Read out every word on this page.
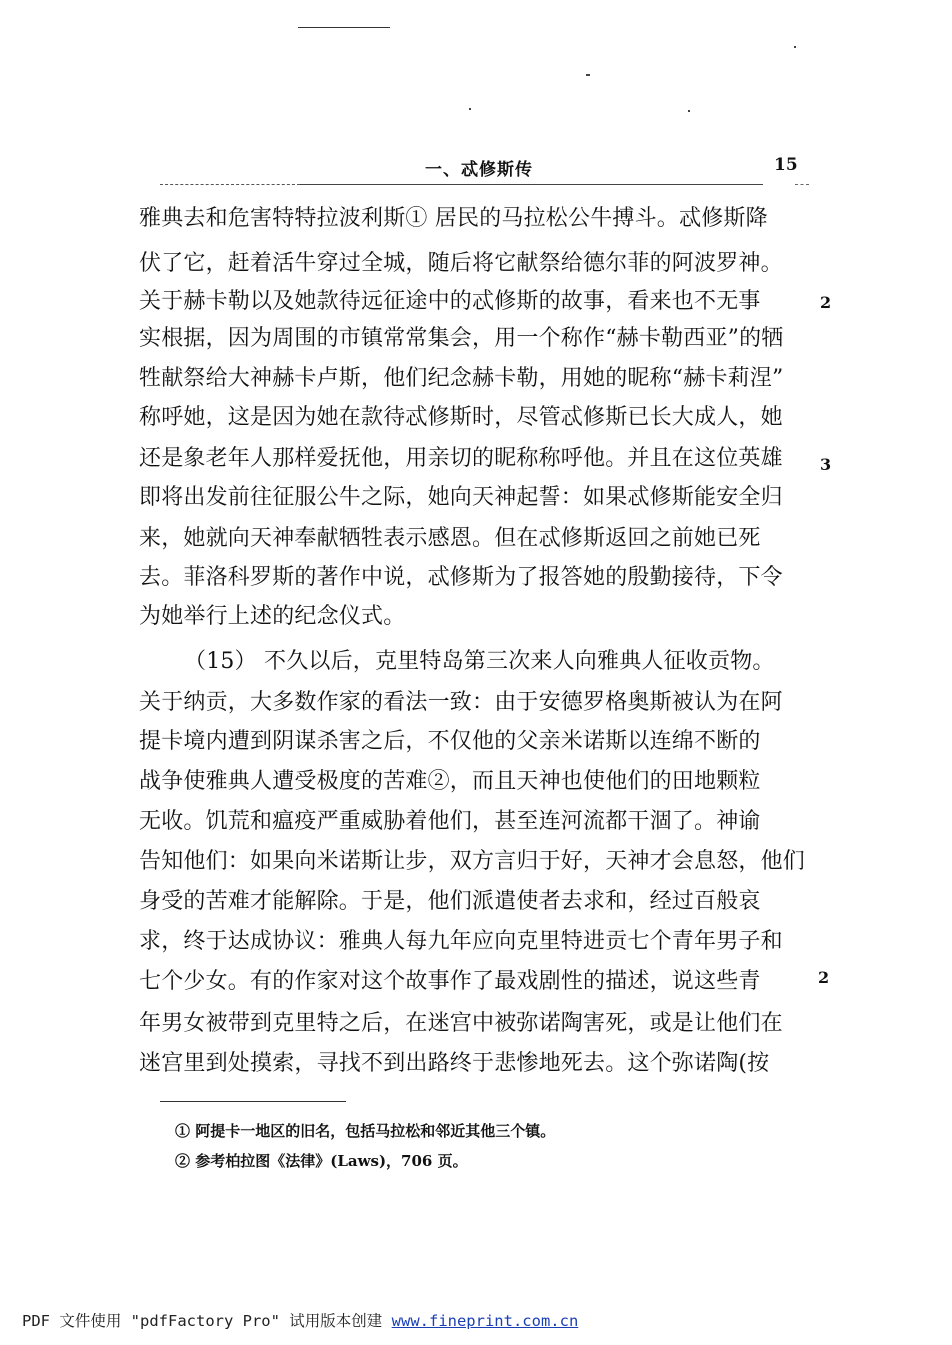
一、忒修斯传	15
雅典去和危害特特拉波利斯① 居民的马拉松公牛搏斗。忒修斯降
伏了它，赶着活牛穿过全城，随后将它献祭给德尔菲的阿波罗神。
关于赫卡勒以及她款待远征途中的忒修斯的故事，看来也不无事
实根据，因为周围的市镇常常集会，用一个称作“赫卡勒西亚”的牺
牲献祭给大神赫卡卢斯，他们纪念赫卡勒，用她的昵称“赫卡莉涅”
称呼她，这是因为她在款待忒修斯时，尽管忒修斯已长大成人，她
还是象老年人那样爱抚他，用亲切的昵称称呼他。并且在这位英雄
即将出发前往征服公牛之际，她向天神起誓：如果忒修斯能安全归
来，她就向天神奉献牺牲表示感恩。但在忒修斯返回之前她已死
去。菲洛科罗斯的著作中说，忒修斯为了报答她的殷勤接待，下令
为她举行上述的纪念仪式。
（15） 不久以后，克里特岛第三次来人向雅典人征收贡物。
关于纳贡，大多数作家的看法一致：由于安德罗格奥斯被认为在阿
提卡境内遭到阴谋杀害之后，不仅他的父亲米诺斯以连绵不断的
战争使雅典人遭受极度的苦难②，而且天神也使他们的田地颗粒
无收。饥荒和瘟疫严重威胁着他们，甚至连河流都干涸了。神谕
告知他们：如果向米诺斯让步，双方言归于好，天神才会息怒，他们
身受的苦难才能解除。于是，他们派遣使者去求和，经过百般哀
求，终于达成协议：雅典人每九年应向克里特进贡七个青年男子和
七个少女。有的作家对这个故事作了最戏剧性的描述，说这些青
年男女被带到克里特之后，在迷宫中被弥诺陶害死，或是让他们在
迷宫里到处摸索，寻找不到出路终于悲惨地死去。这个弥诺陶(按
2
3
2
① 阿提卡一地区的旧名，包括马拉松和邻近其他三个镇。
② 参考柏拉图《法律》(Laws)，706 页。
PDF 文件使用 "pdfFactory Pro" 试用版本创建 www.fineprint.com.cn
